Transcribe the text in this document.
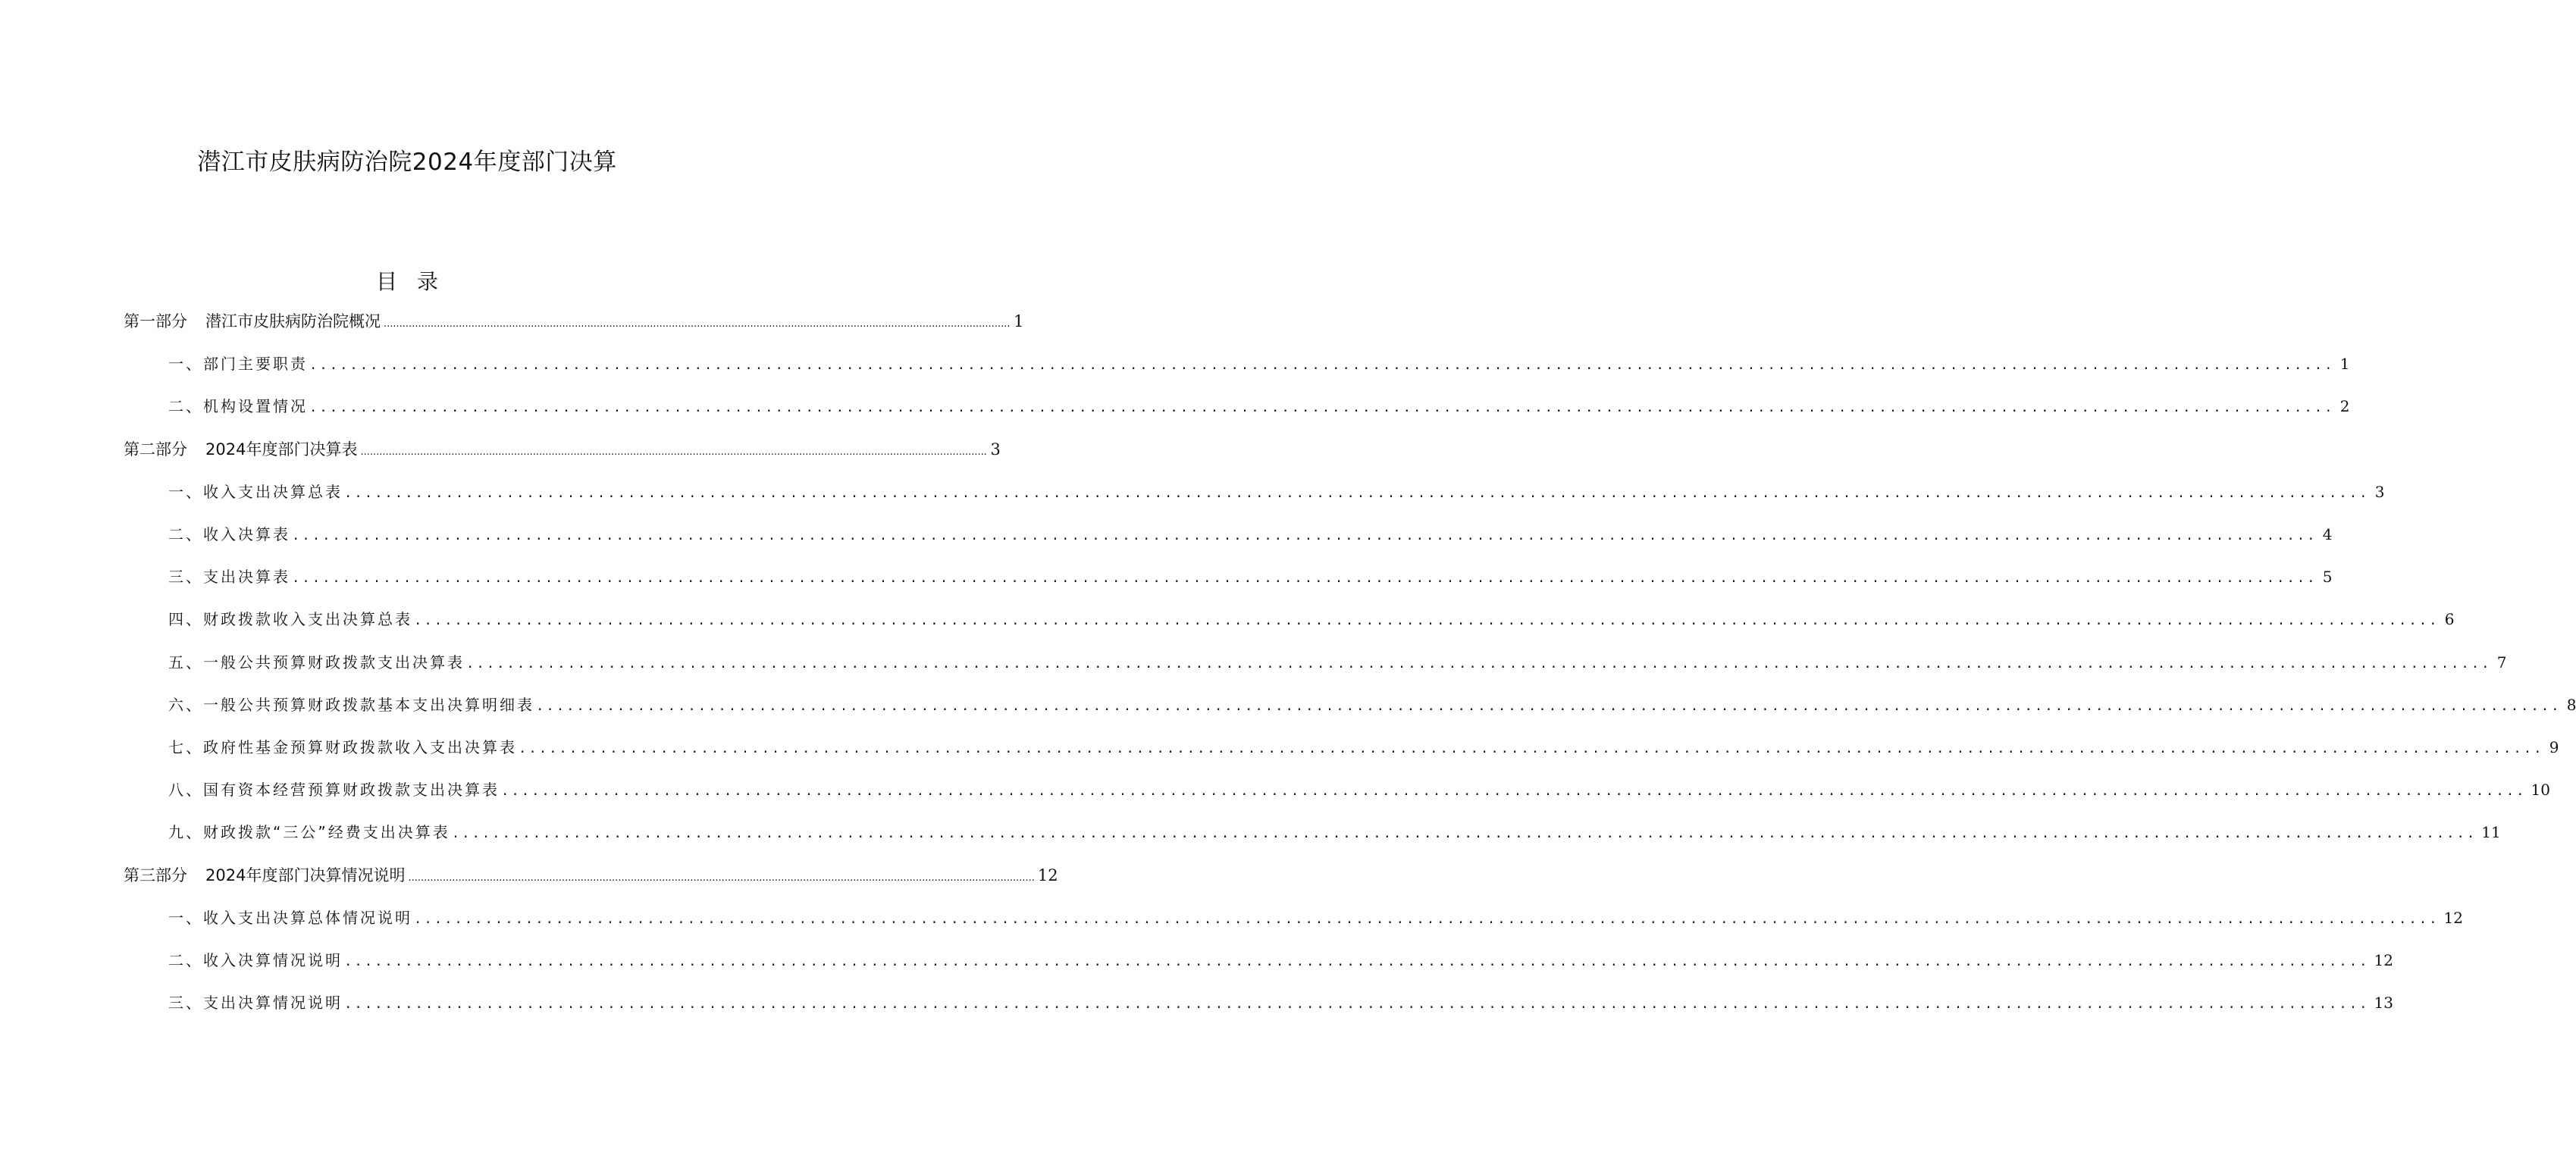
潜江市皮肤病防治院2024年度部门决算
目 录
第一部分 潜江市皮肤病防治院概况 ........................................................................................................................................................................................................ 1
一、部门主要职责 ........................................................................................................................................................................................................ 1
二、机构设置情况 ........................................................................................................................................................................................................ 2
第二部分 2024年度部门决算表 ........................................................................................................................................................................................................ 3
一、收入支出决算总表 ........................................................................................................................................................................................................ 3
二、收入决算表 ........................................................................................................................................................................................................ 4
三、支出决算表 ........................................................................................................................................................................................................ 5
四、财政拨款收入支出决算总表 ........................................................................................................................................................................................................ 6
五、一般公共预算财政拨款支出决算表 ........................................................................................................................................................................................................ 7
六、一般公共预算财政拨款基本支出决算明细表 ........................................................................................................................................................................................................ 8
七、政府性基金预算财政拨款收入支出决算表 ........................................................................................................................................................................................................ 9
八、国有资本经营预算财政拨款支出决算表 ........................................................................................................................................................................................................ 10
九、财政拨款“三公”经费支出决算表 ........................................................................................................................................................................................................ 11
第三部分 2024年度部门决算情况说明 ........................................................................................................................................................................................................ 12
一、收入支出决算总体情况说明 ........................................................................................................................................................................................................ 12
二、收入决算情况说明 ........................................................................................................................................................................................................ 12
三、支出决算情况说明 ........................................................................................................................................................................................................ 13
